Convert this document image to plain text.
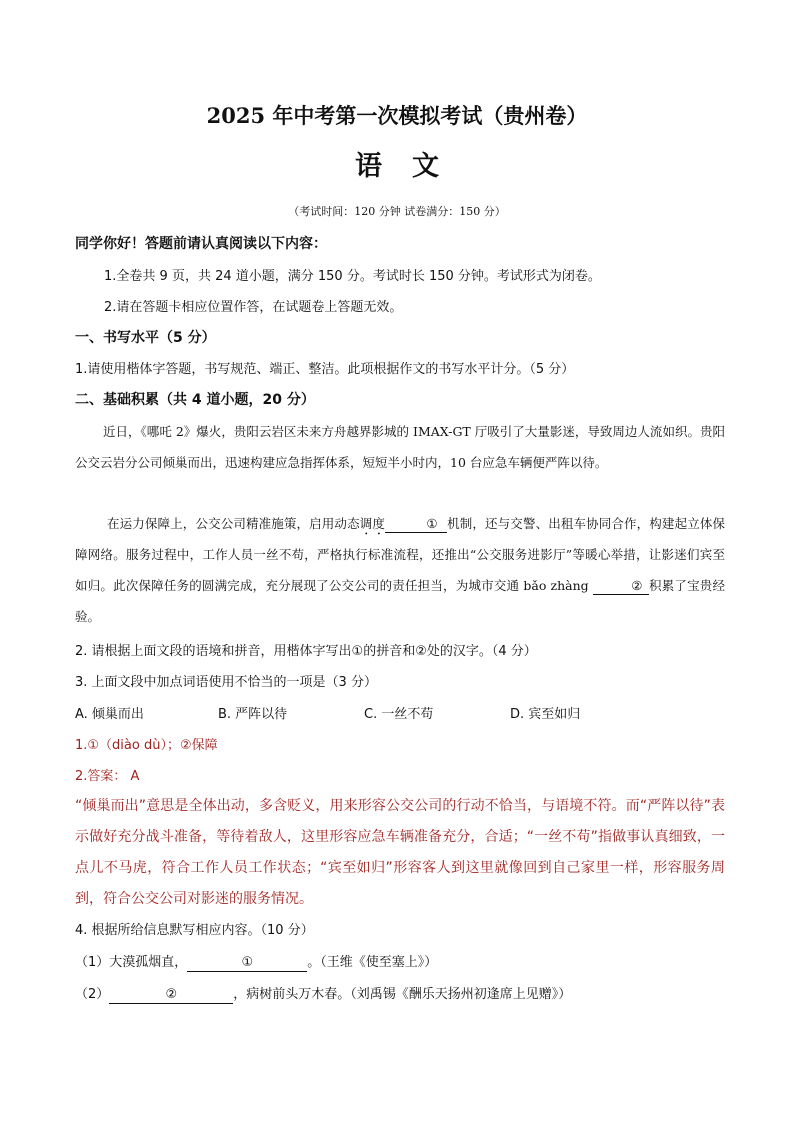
2025 年中考第一次模拟考试（贵州卷）
语文
（考试时间：120 分钟 试卷满分：150 分）
同学你好！答题前请认真阅读以下内容：
1.全卷共 9 页，共 24 道小题，满分 150 分。考试时长 150 分钟。考试形式为闭卷。
2.请在答题卡相应位置作答，在试题卷上答题无效。
一、书写水平（5 分）
1.请使用楷体字答题，书写规范、端正、整洁。此项根据作文的书写水平计分。（5 分）
二、基础积累（共 4 道小题，20 分）
近日，《哪吒 2》爆火，贵阳云岩区未来方舟越界影城的 IMAX-GT 厅吸引了大量影迷，导致周边人流如织。贵阳公交云岩分公司倾巢而出，迅速构建应急指挥体系，短短半小时内，10 台应急车辆便严阵以待。
在运力保障上，公交公司精准施策，启用动态调度	① 机制，还与交警、出租车协同合作，构建起立体保障网络。服务过程中，工作人员一丝不苟，严格执行标准流程，还推出“公交服务进影厅”等暖心举措，让影迷们宾至如归。此次保障任务的圆满完成，充分展现了公交公司的责任担当，为城市交通 bǎo zhàng	② 积累了宝贵经验。
2. 请根据上面文段的语境和拼音，用楷体字写出①的拼音和②处的汉字。（4 分）
3. 上面文段中加点词语使用不恰当的一项是（3 分）
A. 倾巢而出	B. 严阵以待	C. 一丝不苟	D. 宾至如归
1.①（diào dù）；②保障
2.答案： A
“倾巢而出”意思是全体出动，多含贬义，用来形容公交公司的行动不恰当，与语境不符。而“严阵以待”表示做好充分战斗准备，等待着敌人，这里形容应急车辆准备充分，合适；“一丝不苟”指做事认真细致，一点儿不马虎，符合工作人员工作状态；“宾至如归”形容客人到这里就像回到自己家里一样，形容服务周到，符合公交公司对影迷的服务情况。
4. 根据所给信息默写相应内容。（10 分）
（1）大漠孤烟直，	①	。（王维《使至塞上》）
（2）	②	，病树前头万木春。（刘禹锡《酬乐天扬州初逢席上见赠》）
